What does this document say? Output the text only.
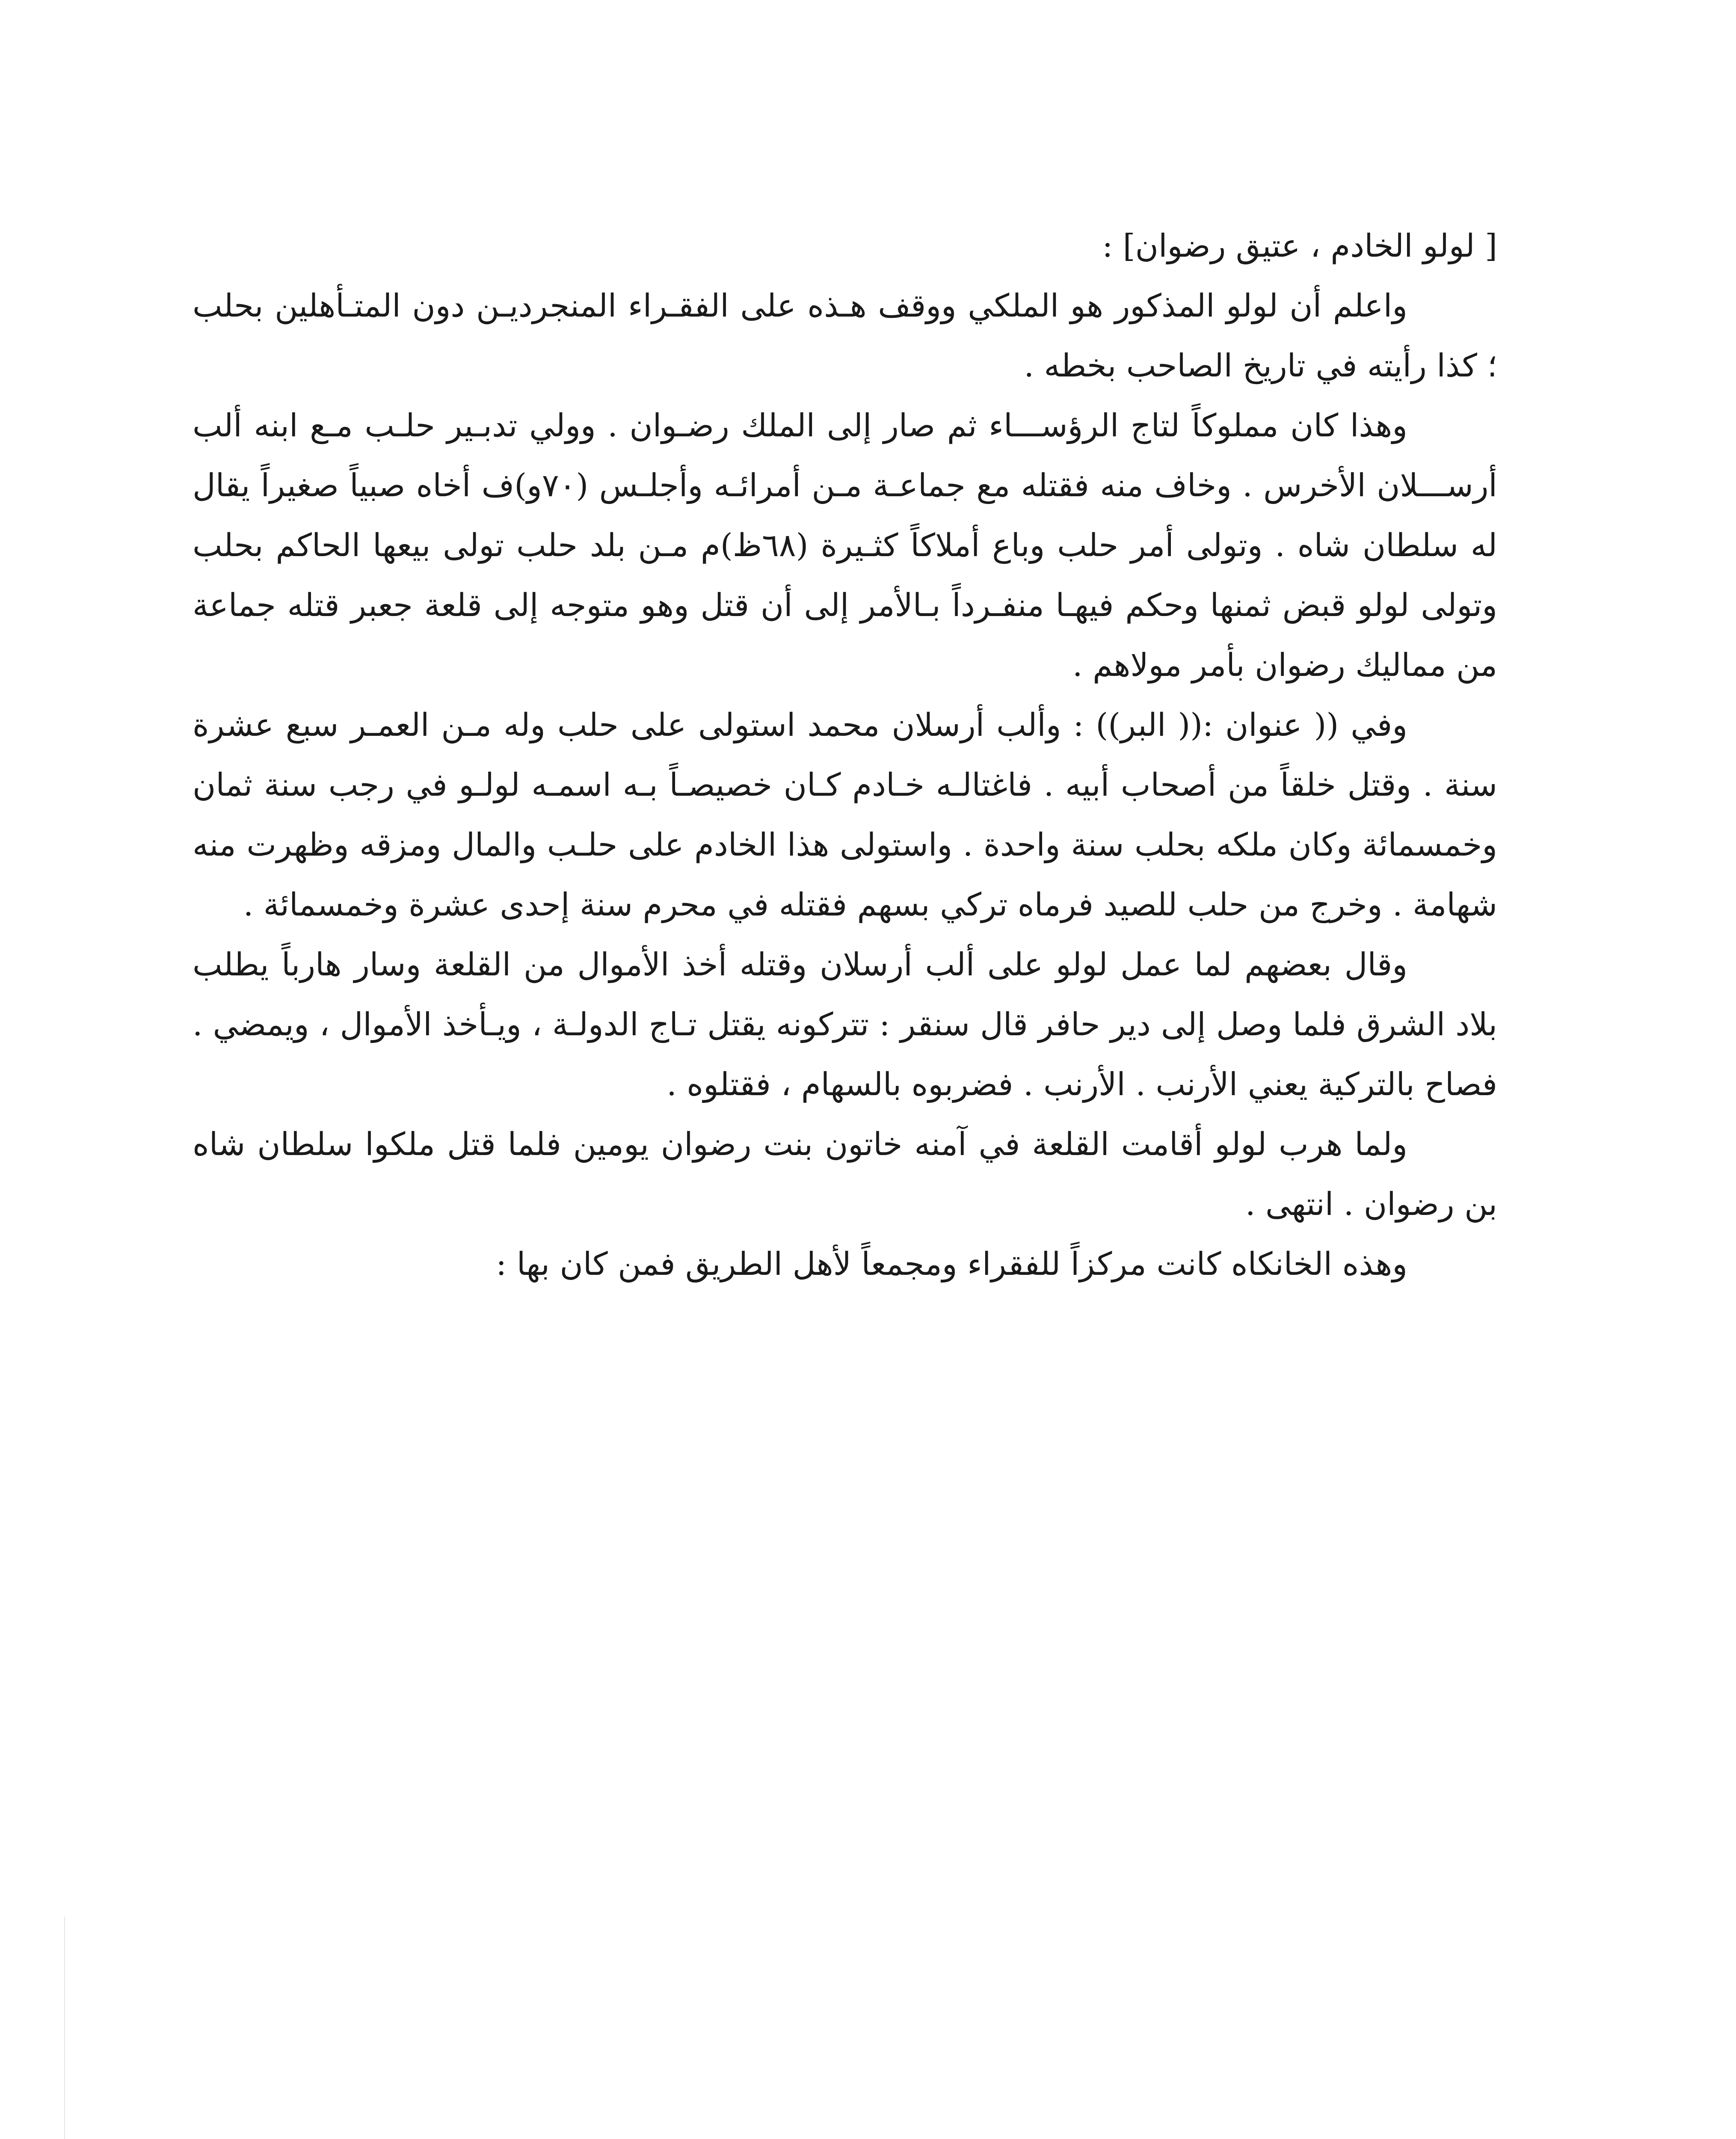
[ لولو الخادم ، عتيق رضوان] :

واعلم أن لولو المذكور هو الملكي ووقف هـذه على الفقـراء المنجرديـن دون المتـأهلين بحلب ؛ كذا رأيته في تاريخ الصاحب بخطه .

وهذا كان مملوكاً لتاج الرؤســـاء ثم صار إلى الملك رضـوان . وولي تدبـير حلـب مـع ابنه ألب أرســـلان الأخرس . وخاف منه فقتله مع جماعـة مـن أمرائـه وأجلـس (٧٠و)ف أخاه صبياً صغيراً يقال له سلطان شاه . وتولى أمر حلب وباع أملاكاً كثـيرة (٦٨ظ)م مـن بلد حلب تولى بيعها الحاكم بحلب وتولى لولو قبض ثمنها وحكم فيهـا منفـرداً بـالأمر إلى أن قتل وهو متوجه إلى قلعة جعبر قتله جماعة من مماليك رضوان بأمر مولاهم .

وفي (( عنوان :(( البر)) : وألب أرسلان محمد استولى على حلب وله مـن العمـر سبع عشرة سنة . وقتل خلقاً من أصحاب أبيه . فاغتالـه خـادم كـان خصيصـاً بـه اسمـه لولـو في رجب سنة ثمان وخمسمائة وكان ملكه بحلب سنة واحدة . واستولى هذا الخادم على حلـب والمال ومزقه وظهرت منه شهامة . وخرج من حلب للصيد فرماه تركي بسهم فقتله في محرم سنة إحدى عشرة وخمسمائة .

وقال بعضهم لما عمل لولو على ألب أرسلان وقتله أخذ الأموال من القلعة وسار هارباً يطلب بلاد الشرق فلما وصل إلى دير حافر قال سنقر : تتركونه يقتل تـاج الدولـة ، ويـأخذ الأموال ، ويمضي . فصاح بالتركية يعني الأرنب . الأرنب . فضربوه بالسهام ، فقتلوه .

ولما هرب لولو أقامت القلعة في آمنه خاتون بنت رضوان يومين فلما قتل ملكوا سلطان شاه بن رضوان . انتهى .

وهذه الخانكاه كانت مركزاً للفقراء ومجمعاً لأهل الطريق فمن كان بها :
